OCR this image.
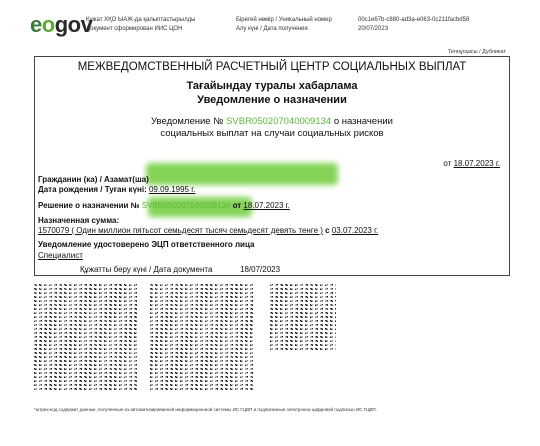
eogov
Құжат ХҚО ЫАЖ-да қалыптастырылды
Документ сформирован ИИС ЦОН
Бірегей нөмір / Уникальный номер
Алу күні / Дата получения
00c1e67b-c880-ad3a-e063-0c211facbd58
20/07/2023
Телнұсқасы / Дубликат
МЕЖВЕДОМСТВЕННЫЙ РАСЧЕТНЫЙ ЦЕНТР СОЦИАЛЬНЫХ ВЫПЛАТ
Тағайындау туралы хабарлама
Уведомление о назначении
Уведомление № SVBR050207040009134 о назначении
социальных выплат на случаи социальных рисков
от 18.07.2023 г.
Гражданин (ка) / Азамат(ша)
Дата рождения / Туған күні: 09.09.1995 г.
Решение о назначении № SVBR050207040009134 от 18.07.2023 г.
Назначенная сумма:
1570079 ( Один миллион пятьсот семьдесят тысяч семьдесят девять тенге ) с 03.07.2023 г.
Уведомление удостоверено ЭЦП ответственного лица
Специалист
Құжатты беру күні / Дата документа	18/07/2023
*штрих-код содержит данные, полученные из автоматизированной информационной системы ИС ГЦВП и подписанные электронно-цифровой подписью ИС ГЦВП.
